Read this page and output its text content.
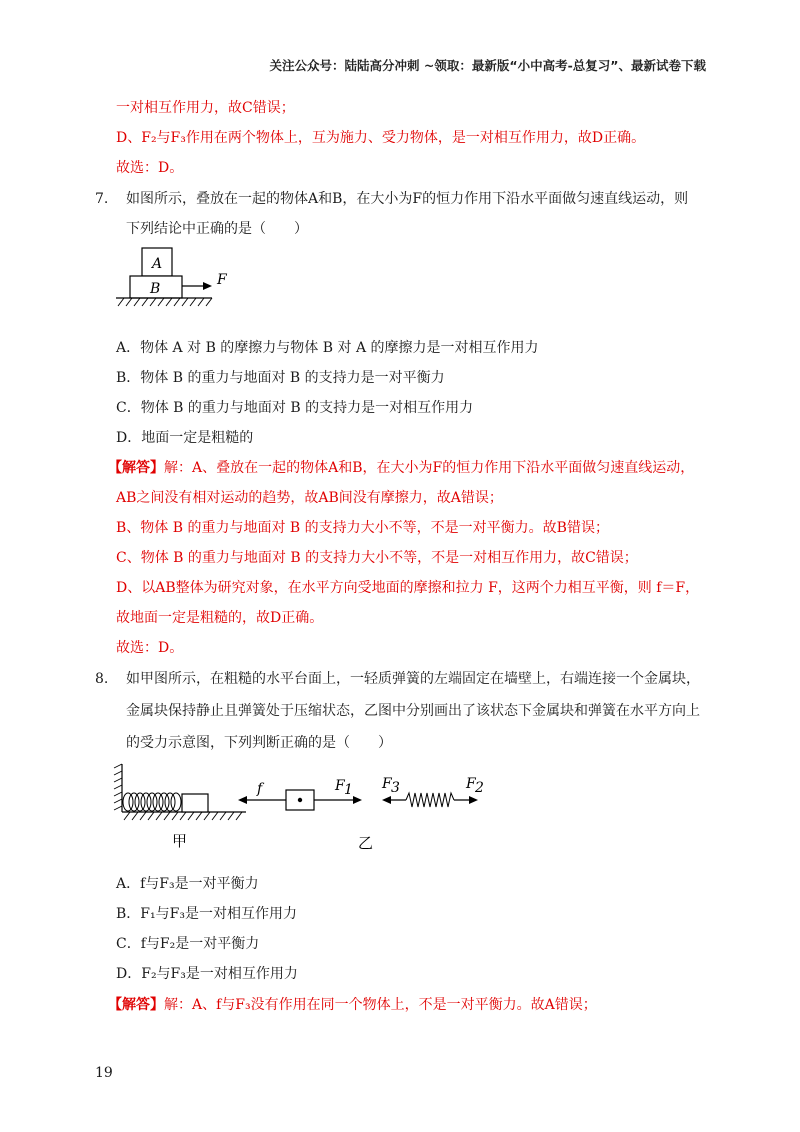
关注公众号：陆陆高分冲刺 ~领取：最新版“小中高考-总复习”、最新试卷下载
一对相互作用力，故C错误；
D、F₂与F₃作用在两个物体上，互为施力、受力物体，是一对相互作用力，故D正确。
故选：D。
7. 如图所示，叠放在一起的物体A和B，在大小为F的恒力作用下沿水平面做匀速直线运动，则
下列结论中正确的是（　　）
A
B
F
A．物体 A 对 B 的摩擦力与物体 B 对 A 的摩擦力是一对相互作用力
B．物体 B 的重力与地面对 B 的支持力是一对平衡力
C．物体 B 的重力与地面对 B 的支持力是一对相互作用力
D．地面一定是粗糙的
【解答】解：A、叠放在一起的物体A和B，在大小为F的恒力作用下沿水平面做匀速直线运动，
AB之间没有相对运动的趋势，故AB间没有摩擦力，故A错误；
B、物体 B 的重力与地面对 B 的支持力大小不等，不是一对平衡力。故B错误；
C、物体 B 的重力与地面对 B 的支持力大小不等，不是一对相互作用力，故C错误；
D、以AB整体为研究对象，在水平方向受地面的摩擦和拉力 F，这两个力相互平衡，则 f＝F，
故地面一定是粗糙的，故D正确。
故选：D。
8. 如甲图所示，在粗糙的水平台面上，一轻质弹簧的左端固定在墙壁上，右端连接一个金属块，
金属块保持静止且弹簧处于压缩状态，乙图中分别画出了该状态下金属块和弹簧在水平方向上
的受力示意图，下列判断正确的是（　　）
甲
f	F 1 F 3	F 2
乙
A．f与F₃是一对平衡力
B．F₁与F₃是一对相互作用力
C．f与F₂是一对平衡力
D．F₂与F₃是一对相互作用力
【解答】解：A、f与F₃没有作用在同一个物体上，不是一对平衡力。故A错误；
19
